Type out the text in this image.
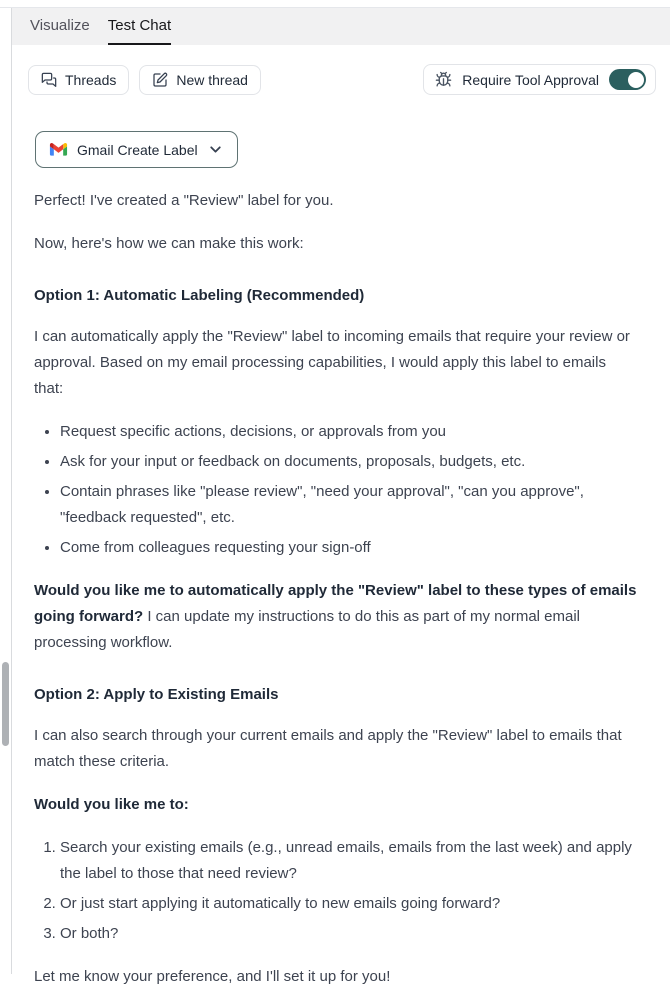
Visualize Test Chat
Threads	New thread	Require Tool Approval
Gmail Create Label

Perfect! I've created a "Review" label for you.

Now, here's how we can make this work:

Option 1: Automatic Labeling (Recommended)

I can automatically apply the "Review" label to incoming emails that require your review or approval. Based on my email processing capabilities, I would apply this label to emails that:

• Request specific actions, decisions, or approvals from you
• Ask for your input or feedback on documents, proposals, budgets, etc.
• Contain phrases like "please review", "need your approval", "can you approve", "feedback requested", etc.
• Come from colleagues requesting your sign-off

Would you like me to automatically apply the "Review" label to these types of emails going forward? I can update my instructions to do this as part of my normal email processing workflow.

Option 2: Apply to Existing Emails

I can also search through your current emails and apply the "Review" label to emails that match these criteria.

Would you like me to:

1. Search your existing emails (e.g., unread emails, emails from the last week) and apply the label to those that need review?
2. Or just start applying it automatically to new emails going forward?
3. Or both?

Let me know your preference, and I'll set it up for you!
